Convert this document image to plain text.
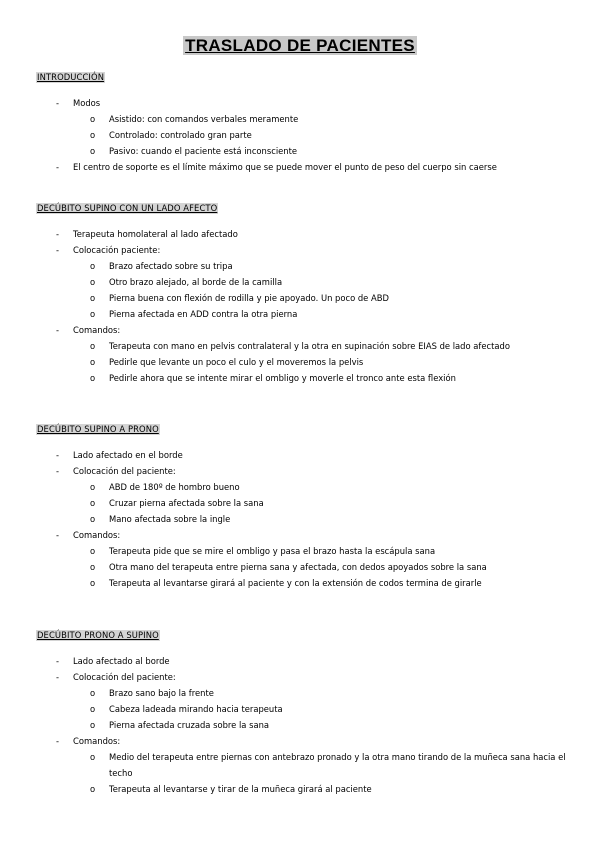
TRASLADO DE PACIENTES
INTRODUCCIÓN
- Modos
o Asistido: con comandos verbales meramente
o Controlado: controlado gran parte
o Pasivo: cuando el paciente está inconsciente
- El centro de soporte es el límite máximo que se puede mover el punto de peso del cuerpo sin caerse
DECÚBITO SUPINO CON UN LADO AFECTO
- Terapeuta homolateral al lado afectado
- Colocación paciente:
o Brazo afectado sobre su tripa
o Otro brazo alejado, al borde de la camilla
o Pierna buena con flexión de rodilla y pie apoyado. Un poco de ABD
o Pierna afectada en ADD contra la otra pierna
- Comandos:
o Terapeuta con mano en pelvis contralateral y la otra en supinación sobre EIAS de lado afectado
o Pedirle que levante un poco el culo y el moveremos la pelvis
o Pedirle ahora que se intente mirar el ombligo y moverle el tronco ante esta flexión
DECÚBITO SUPINO A PRONO
- Lado afectado en el borde
- Colocación del paciente:
o ABD de 180º de hombro bueno
o Cruzar pierna afectada sobre la sana
o Mano afectada sobre la ingle
- Comandos:
o Terapeuta pide que se mire el ombligo y pasa el brazo hasta la escápula sana
o Otra mano del terapeuta entre pierna sana y afectada, con dedos apoyados sobre la sana
o Terapeuta al levantarse girará al paciente y con la extensión de codos termina de girarle
DECÚBITO PRONO A SUPINO
- Lado afectado al borde
- Colocación del paciente:
o Brazo sano bajo la frente
o Cabeza ladeada mirando hacia terapeuta
o Pierna afectada cruzada sobre la sana
- Comandos:
o Medio del terapeuta entre piernas con antebrazo pronado y la otra mano tirando de la muñeca sana hacia el techo
o Terapeuta al levantarse y tirar de la muñeca girará al paciente
